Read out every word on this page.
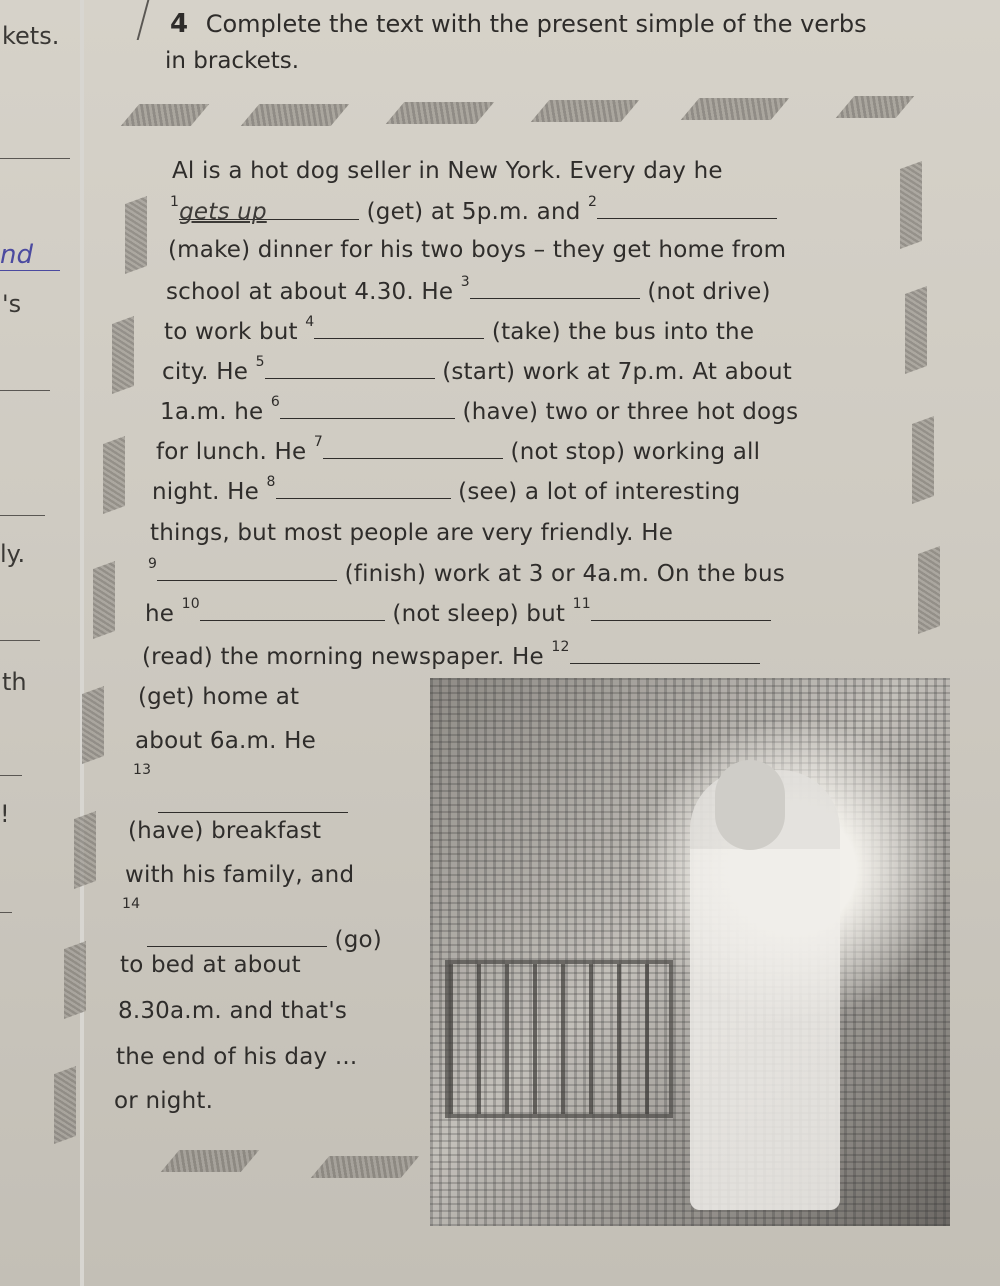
kets.
nd
's
ly.
th
!
4 Complete the text with the present simple of the verbs
in brackets.
Al is a hot dog seller in New York. Every day he
$^1$gets up	(get) at 5p.m. and $^2$
(make) dinner for his two boys – they get home from
school at about 4.30. He $^3$	(not drive)
to work but $^4$	(take) the bus into the
city. He $^5$	(start) work at 7p.m. At about
1a.m. he $^6$	(have) two or three hot dogs
for lunch. He $^7$	(not stop) working all
night. He $^8$	(see) a lot of interesting
things, but most people are very friendly. He
$^9$	(finish) work at 3 or 4a.m. On the bus
he $^{10}$	(not sleep) but $^{11}$
(read) the morning newspaper. He $^{12}$
(get) home at
about 6a.m. He
$^{13}$

(have) breakfast
with his family, and
$^{14}$
(go)
to bed at about
8.30a.m. and that's
the end of his day ...
or night.
